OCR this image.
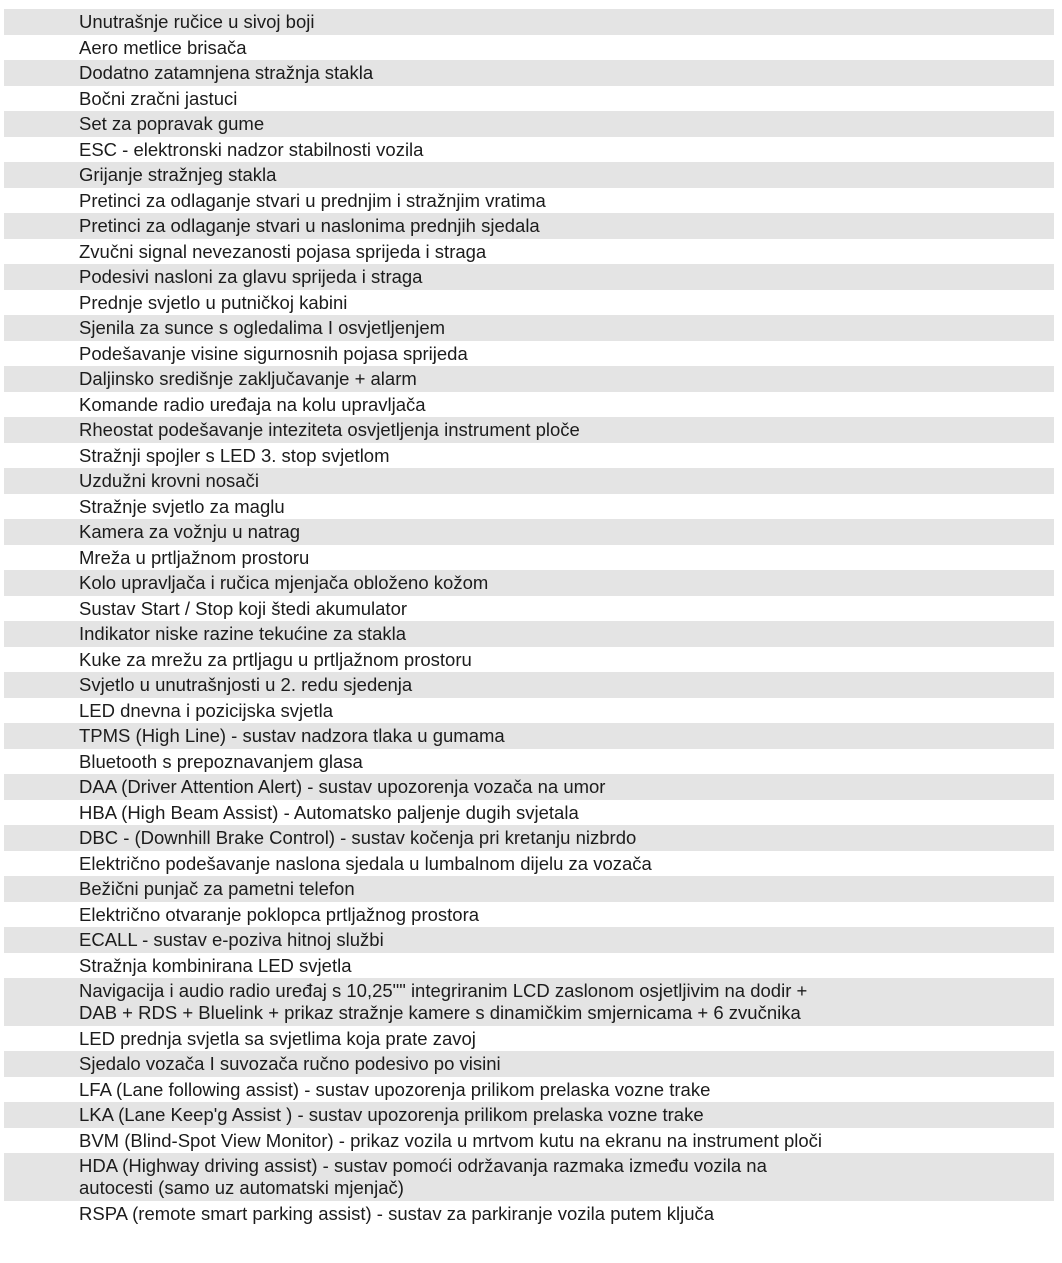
Unutrašnje ručice u sivoj boji
Aero metlice brisača
Dodatno zatamnjena stražnja stakla
Bočni zračni jastuci
Set za popravak gume
ESC - elektronski nadzor stabilnosti vozila
Grijanje stražnjeg stakla
Pretinci za odlaganje stvari u prednjim i stražnjim vratima
Pretinci za odlaganje stvari u naslonima prednjih sjedala
Zvučni signal nevezanosti pojasa sprijeda i straga
Podesivi nasloni za glavu sprijeda i straga
Prednje svjetlo u putničkoj kabini
Sjenila za sunce s ogledalima I osvjetljenjem
Podešavanje visine sigurnosnih pojasa sprijeda
Daljinsko središnje zaključavanje + alarm
Komande radio uređaja na kolu upravljača
Rheostat podešavanje inteziteta osvjetljenja instrument ploče
Stražnji spojler s LED 3. stop svjetlom
Uzdužni krovni nosači
Stražnje svjetlo za maglu
Kamera za vožnju u natrag
Mreža u prtljažnom prostoru
Kolo upravljača i ručica mjenjača obloženo kožom
Sustav Start / Stop koji štedi akumulator
Indikator niske razine tekućine za stakla
Kuke za mrežu za prtljagu u prtljažnom prostoru
Svjetlo u unutrašnjosti u 2. redu sjedenja
LED dnevna i pozicijska svjetla
TPMS (High Line) - sustav nadzora tlaka u gumama
Bluetooth s prepoznavanjem glasa
DAA (Driver Attention Alert) - sustav upozorenja vozača na umor
HBA (High Beam Assist) - Automatsko paljenje dugih svjetala
DBC - (Downhill Brake Control) - sustav kočenja pri kretanju nizbrdo
Električno podešavanje naslona sjedala u lumbalnom dijelu za vozača
Bežični punjač za pametni telefon
Električno otvaranje poklopca prtljažnog prostora
ECALL - sustav e-poziva hitnoj službi
Stražnja kombinirana LED svjetla
Navigacija i audio radio uređaj s 10,25"" integriranim LCD zaslonom osjetljivim na dodir + DAB + RDS + Bluelink + prikaz stražnje kamere s dinamičkim smjernicama + 6 zvučnika
LED prednja svjetla sa svjetlima koja prate zavoj
Sjedalo vozača I suvozača ručno podesivo po visini
LFA (Lane following assist) - sustav upozorenja prilikom prelaska vozne trake
LKA (Lane Keep'g Assist ) - sustav upozorenja prilikom prelaska vozne trake
BVM (Blind-Spot View Monitor) - prikaz vozila u mrtvom kutu na ekranu na instrument ploči
HDA (Highway driving assist) - sustav pomoći održavanja razmaka između vozila na autocesti (samo uz automatski mjenjač)
RSPA (remote smart parking assist) - sustav za parkiranje vozila putem ključa
